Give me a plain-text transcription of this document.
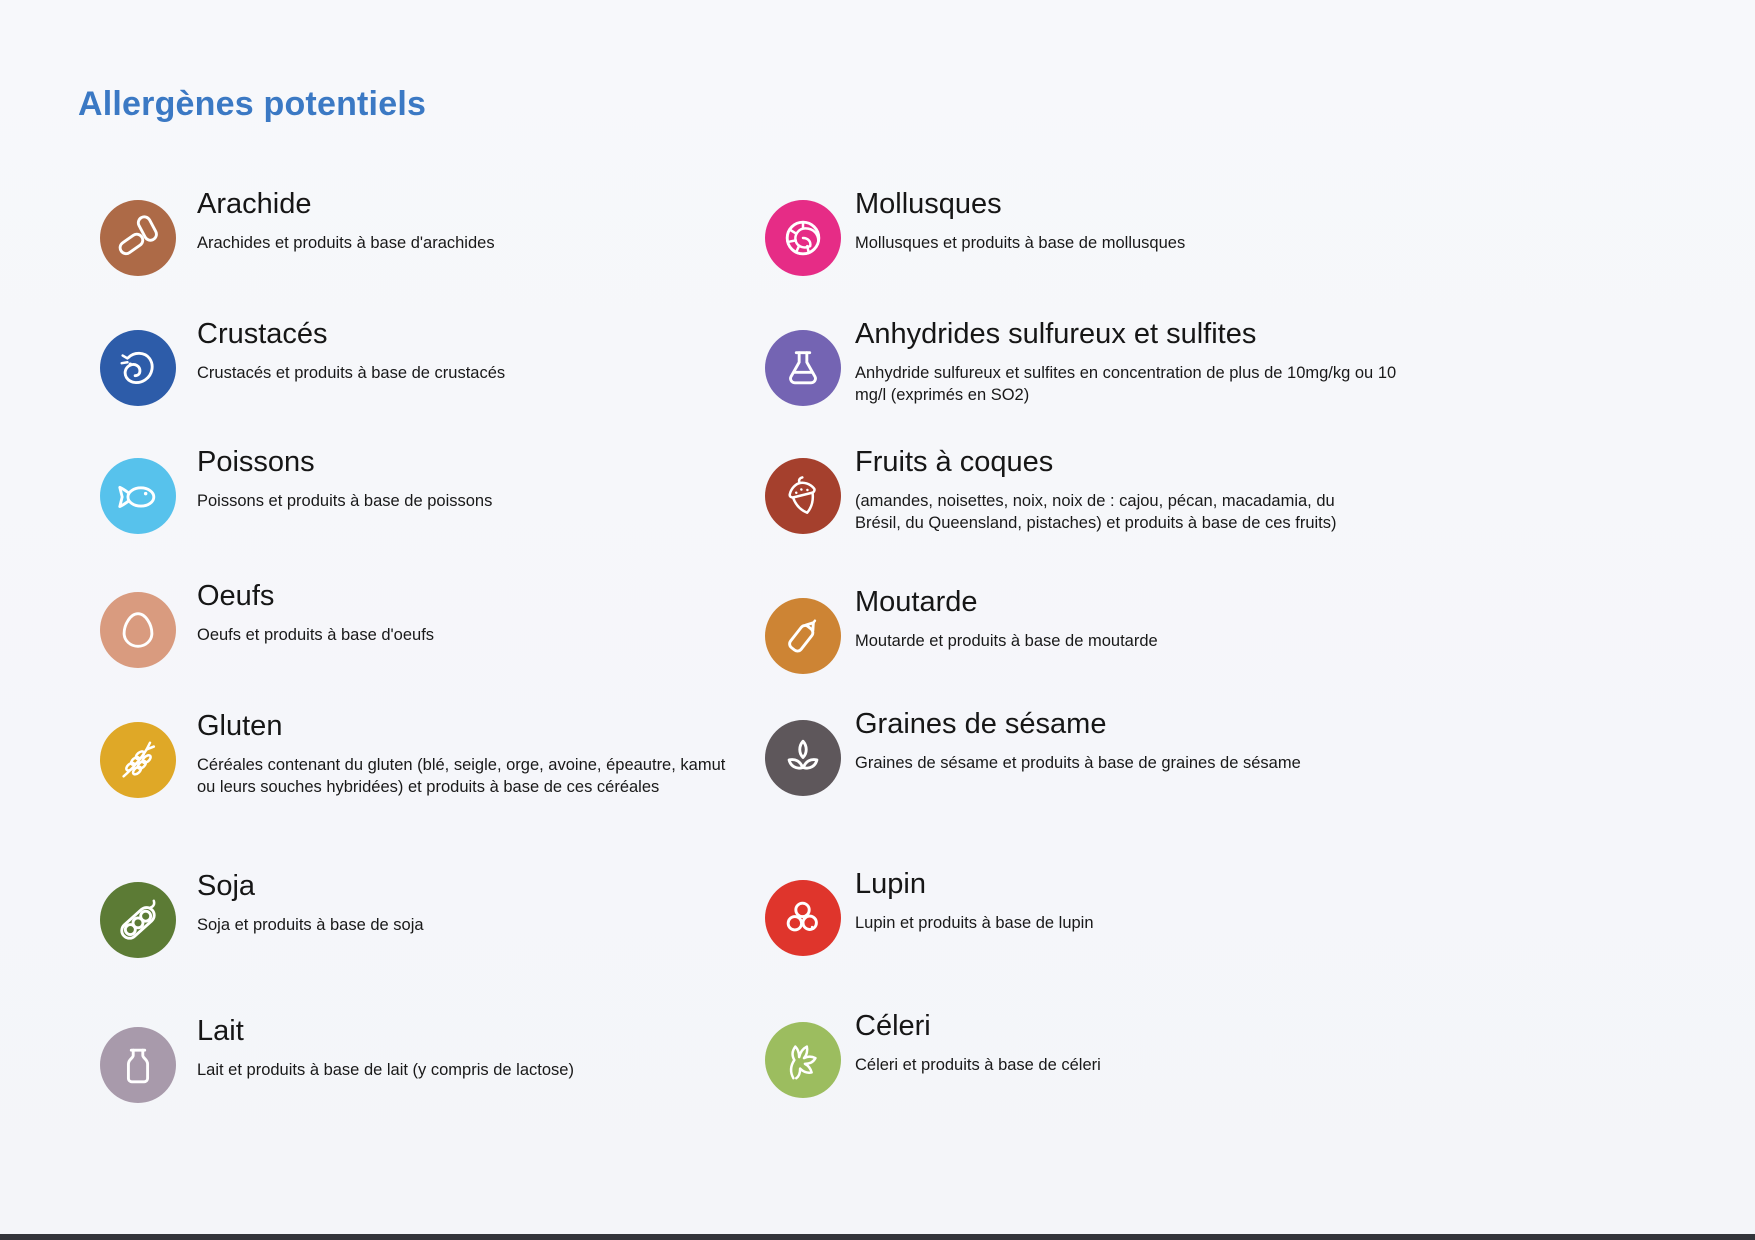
Allergènes potentiels
Arachide
Arachides et produits à base d'arachides
Crustacés
Crustacés et produits à base de crustacés
Poissons
Poissons et produits à base de poissons
Oeufs
Oeufs et produits à base d'oeufs
Gluten
Céréales contenant du gluten (blé, seigle, orge, avoine, épeautre, kamut ou leurs souches hybridées) et produits à base de ces céréales
Soja
Soja et produits à base de soja
Lait
Lait et produits à base de lait (y compris de lactose)
Mollusques
Mollusques et produits à base de mollusques
Anhydrides sulfureux et sulfites
Anhydride sulfureux et sulfites en concentration de plus de 10mg/kg ou 10 mg/l (exprimés en SO2)
Fruits à coques
(amandes, noisettes, noix, noix de : cajou, pécan, macadamia, du Brésil, du Queensland, pistaches) et produits à base de ces fruits)
Moutarde
Moutarde et produits à base de moutarde
Graines de sésame
Graines de sésame et produits à base de graines de sésame
Lupin
Lupin et produits à base de lupin
Céleri
Céleri et produits à base de céleri
